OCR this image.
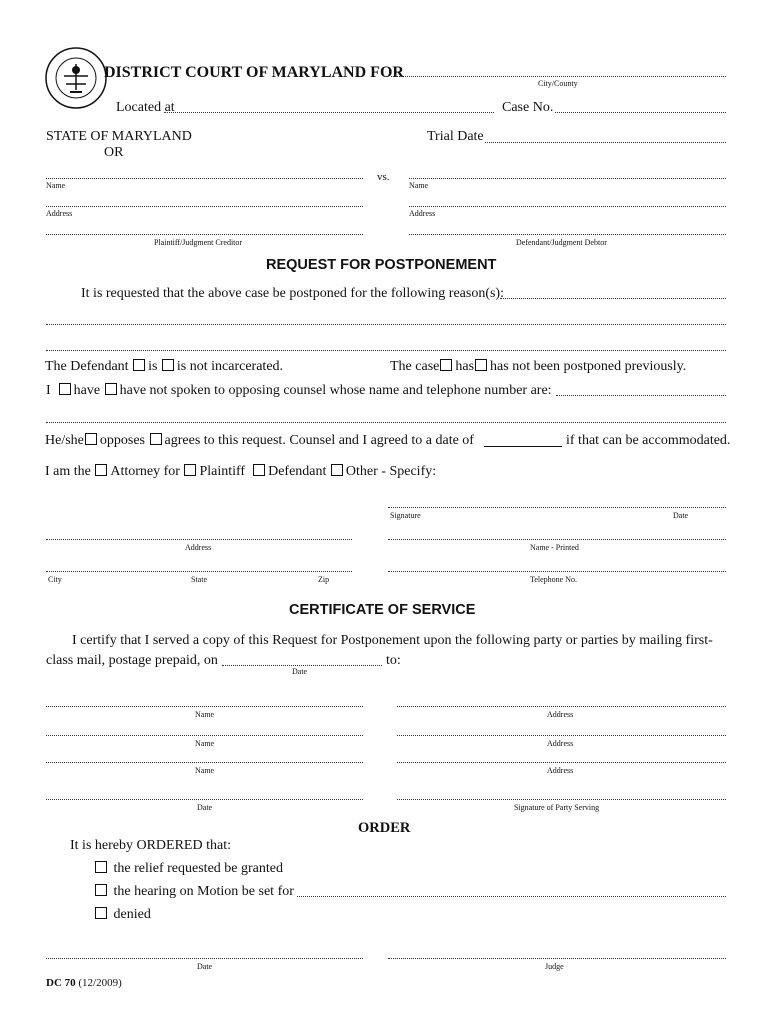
DISTRICT COURT OF MARYLAND FOR
City/County
Located at	Case No.
STATE OF MARYLAND
OR
Trial Date
vs.
Name
Address
Plaintiff/Judgment Creditor
Name
Address
Defendant/Judgment Debtor
REQUEST FOR POSTPONEMENT
It is requested that the above case be postponed for the following reason(s):
The Defendant is is not incarcerated.	The case has has not been postponed previously.
I have have not spoken to opposing counsel whose name and telephone number are:
He/she opposes agrees to this request. Counsel and I agreed to a date of	if that can be accommodated.
I am the Attorney for Plaintiff Defendant Other - Specify:
Signature	Date
Address	Name - Printed
City	State	Zip	Telephone No.
CERTIFICATE OF SERVICE
I certify that I served a copy of this Request for Postponement upon the following party or parties by mailing first-
class mail, postage prepaid, on	to:
Date
Name	Address
Name	Address
Name	Address
Date	Signature of Party Serving
ORDER
It is hereby ORDERED that:
the relief requested be granted
the hearing on Motion be set for
denied
Date	Judge
DC 70 (12/2009)
